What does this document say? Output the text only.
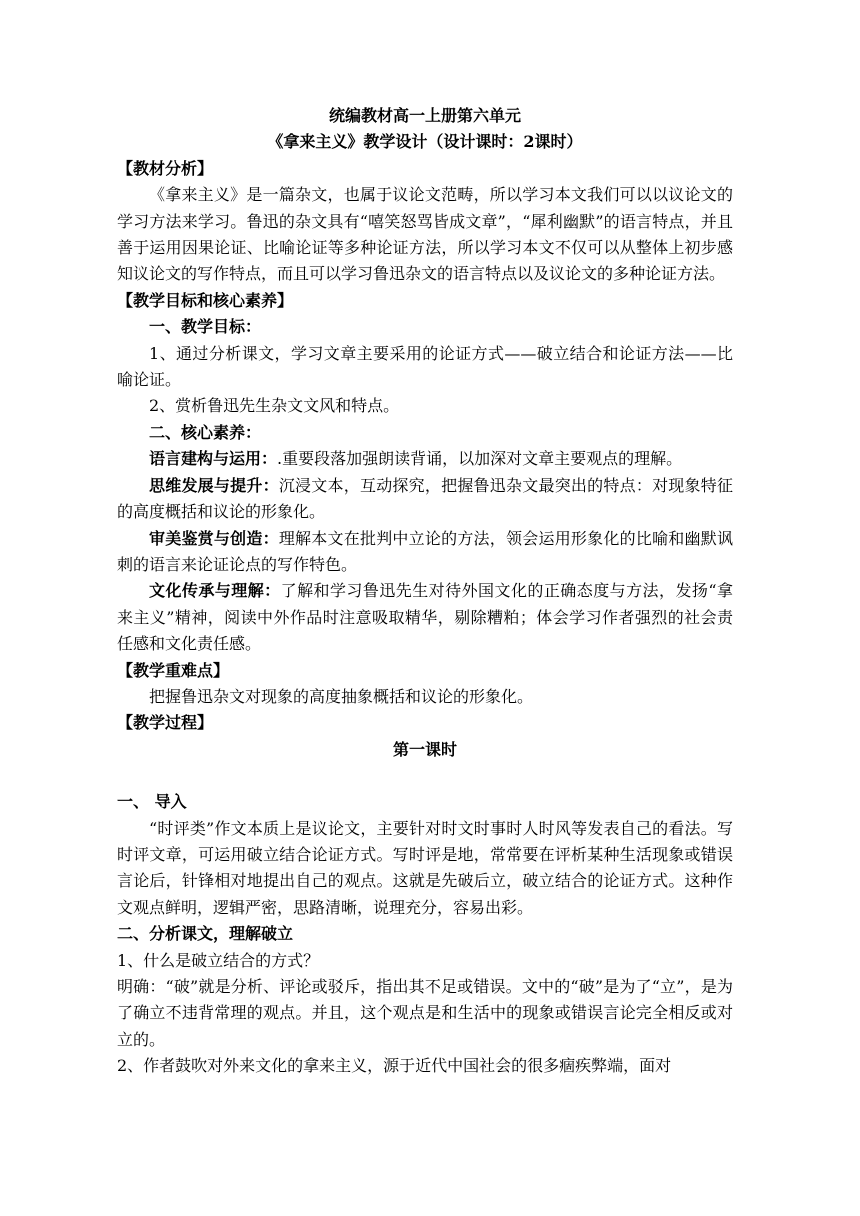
统编教材高一上册第六单元

《拿来主义》教学设计（设计课时：2课时）

【教材分析】

《拿来主义》是一篇杂文，也属于议论文范畴，所以学习本文我们可以以议论文的学习方法来学习。鲁迅的杂文具有“嘻笑怒骂皆成文章”，“犀利幽默”的语言特点，并且善于运用因果论证、比喻论证等多种论证方法，所以学习本文不仅可以从整体上初步感知议论文的写作特点，而且可以学习鲁迅杂文的语言特点以及议论文的多种论证方法。

【教学目标和核心素养】

一、教学目标：

1、通过分析课文，学习文章主要采用的论证方式——破立结合和论证方法——比喻论证。

2、赏析鲁迅先生杂文文风和特点。

二、核心素养：

语言建构与运用：.重要段落加强朗读背诵，以加深对文章主要观点的理解。

思维发展与提升：沉浸文本，互动探究，把握鲁迅杂文最突出的特点：对现象特征的高度概括和议论的形象化。

审美鉴赏与创造：理解本文在批判中立论的方法，领会运用形象化的比喻和幽默讽刺的语言来论证论点的写作特色。

文化传承与理解：了解和学习鲁迅先生对待外国文化的正确态度与方法，发扬“拿来主义”精神，阅读中外作品时注意吸取精华，剔除糟粕；体会学习作者强烈的社会责任感和文化责任感。

【教学重难点】

把握鲁迅杂文对现象的高度抽象概括和议论的形象化。

【教学过程】

第一课时

一、 导入

“时评类”作文本质上是议论文，主要针对时文时事时人时风等发表自己的看法。写时评文章，可运用破立结合论证方式。写时评是地，常常要在评析某种生活现象或错误言论后，针锋相对地提出自己的观点。这就是先破后立，破立结合的论证方式。这种作文观点鲜明，逻辑严密，思路清晰，说理充分，容易出彩。

二、分析课文，理解破立

1、什么是破立结合的方式？

明确：“破”就是分析、评论或驳斥，指出其不足或错误。文中的“破”是为了“立”，是为了确立不违背常理的观点。并且，这个观点是和生活中的现象或错误言论完全相反或对立的。

2、作者鼓吹对外来文化的拿来主义，源于近代中国社会的很多痼疾弊端，面对
